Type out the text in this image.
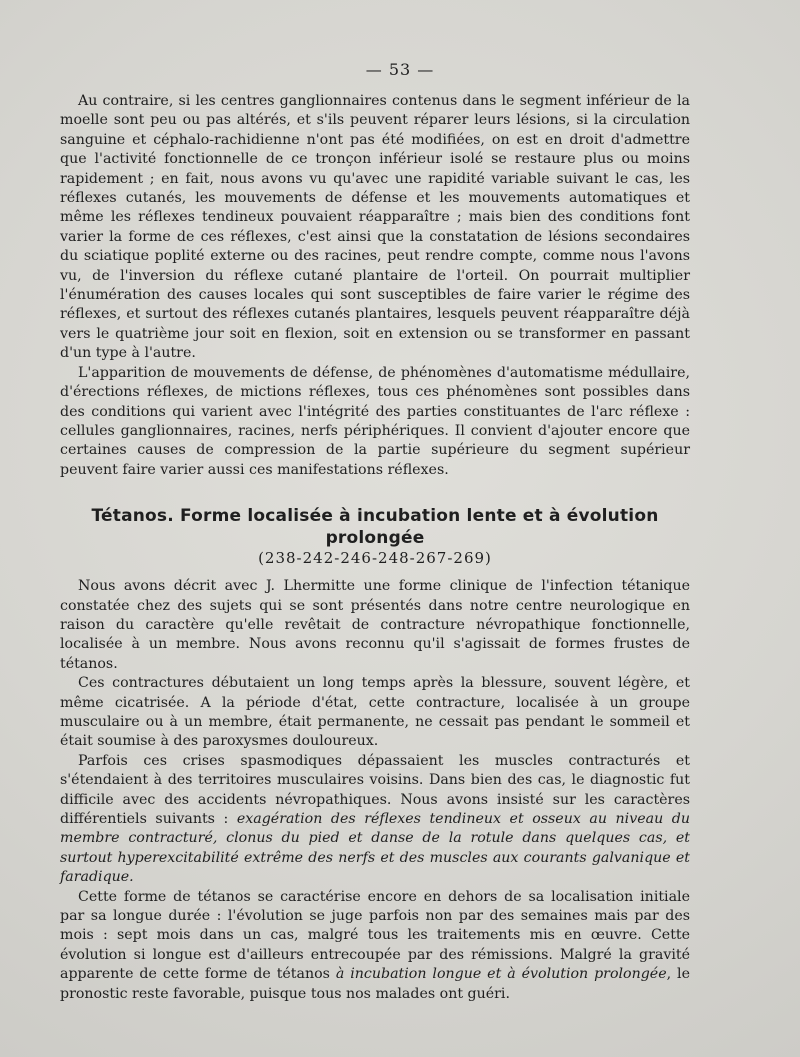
— 53 —

Au contraire, si les centres ganglionnaires contenus dans le segment inférieur de la moelle sont peu ou pas altérés, et s'ils peuvent réparer leurs lésions, si la circulation sanguine et céphalo-rachidienne n'ont pas été modifiées, on est en droit d'admettre que l'activité fonctionnelle de ce tronçon inférieur isolé se restaure plus ou moins rapidement ; en fait, nous avons vu qu'avec une rapidité variable suivant le cas, les réflexes cutanés, les mouvements de défense et les mouvements automatiques et même les réflexes tendineux pouvaient réapparaître ; mais bien des conditions font varier la forme de ces réflexes, c'est ainsi que la constatation de lésions secondaires du sciatique poplité externe ou des racines, peut rendre compte, comme nous l'avons vu, de l'inversion du réflexe cutané plantaire de l'orteil. On pourrait multiplier l'énumération des causes locales qui sont susceptibles de faire varier le régime des réflexes, et surtout des réflexes cutanés plantaires, lesquels peuvent réapparaître déjà vers le quatrième jour soit en flexion, soit en extension ou se transformer en passant d'un type à l'autre.

L'apparition de mouvements de défense, de phénomènes d'automatisme médullaire, d'érections réflexes, de mictions réflexes, tous ces phénomènes sont possibles dans des conditions qui varient avec l'intégrité des parties constituantes de l'arc réflexe : cellules ganglionnaires, racines, nerfs périphériques. Il convient d'ajouter encore que certaines causes de compression de la partie supérieure du segment supérieur peuvent faire varier aussi ces manifestations réflexes.

Tétanos. Forme localisée à incubation lente et à évolution prolongée
(238-242-246-248-267-269)

Nous avons décrit avec J. Lhermitte une forme clinique de l'infection tétanique constatée chez des sujets qui se sont présentés dans notre centre neurologique en raison du caractère qu'elle revêtait de contracture névropathique fonctionnelle, localisée à un membre. Nous avons reconnu qu'il s'agissait de formes frustes de tétanos.

Ces contractures débutaient un long temps après la blessure, souvent légère, et même cicatrisée. A la période d'état, cette contracture, localisée à un groupe musculaire ou à un membre, était permanente, ne cessait pas pendant le sommeil et était soumise à des paroxysmes douloureux.

Parfois ces crises spasmodiques dépassaient les muscles contracturés et s'étendaient à des territoires musculaires voisins. Dans bien des cas, le diagnostic fut difficile avec des accidents névropathiques. Nous avons insisté sur les caractères différentiels suivants : exagération des réflexes tendineux et osseux au niveau du membre contracturé, clonus du pied et danse de la rotule dans quelques cas, et surtout hyperexcitabilité extrême des nerfs et des muscles aux courants galvanique et faradique.

Cette forme de tétanos se caractérise encore en dehors de sa localisation initiale par sa longue durée : l'évolution se juge parfois non par des semaines mais par des mois : sept mois dans un cas, malgré tous les traitements mis en œuvre. Cette évolution si longue est d'ailleurs entrecoupée par des rémissions. Malgré la gravité apparente de cette forme de tétanos à incubation longue et à évolution prolongée, le pronostic reste favorable, puisque tous nos malades ont guéri.
